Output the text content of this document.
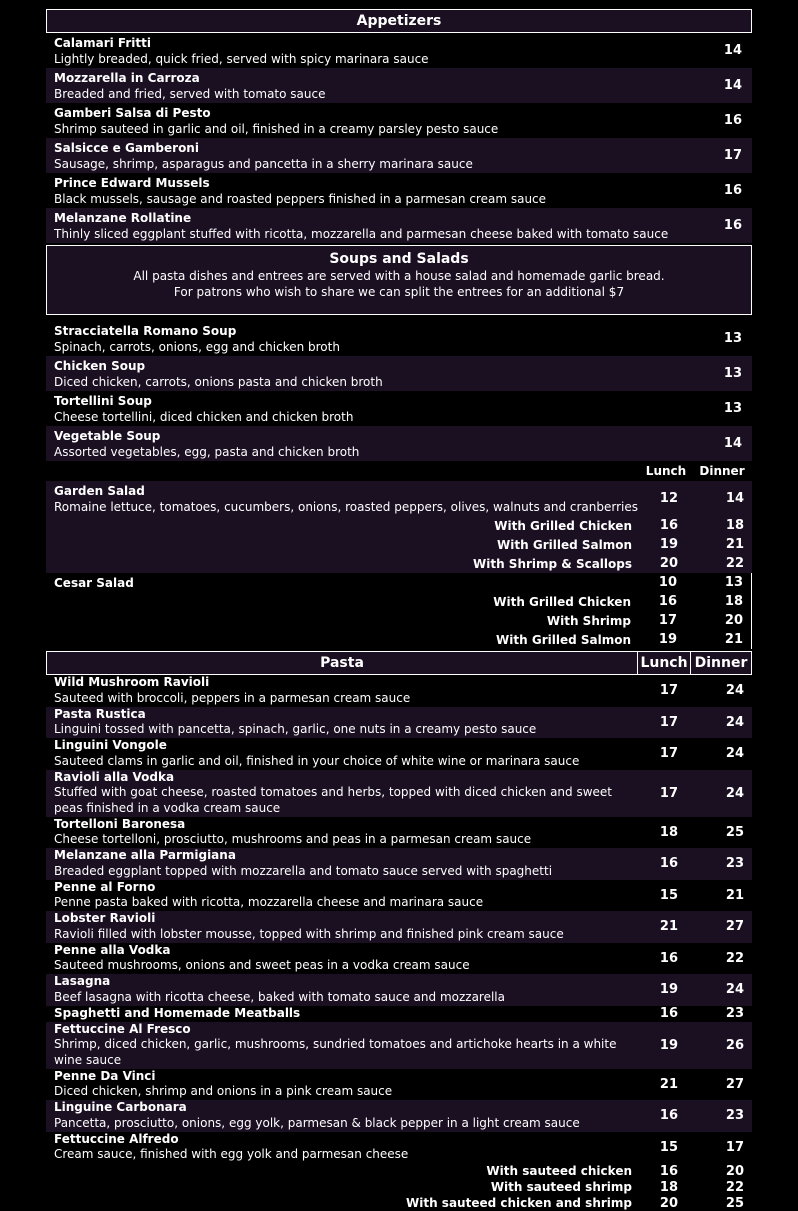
Appetizers
Calamari Fritti
Lightly breaded, quick fried, served with spicy marinara sauce
14
Mozzarella in Carroza
Breaded and fried, served with tomato sauce
14
Gamberi Salsa di Pesto
Shrimp sauteed in garlic and oil, finished in a creamy parsley pesto sauce
16
Salsicce e Gamberoni
Sausage, shrimp, asparagus and pancetta in a sherry marinara sauce
17
Prince Edward Mussels
Black mussels, sausage and roasted peppers finished in a parmesan cream sauce
16
Melanzane Rollatine
Thinly sliced eggplant stuffed with ricotta, mozzarella and parmesan cheese baked with tomato sauce
16
Soups and Salads
All pasta dishes and entrees are served with a house salad and homemade garlic bread.
For patrons who wish to share we can split the entrees for an additional $7
Stracciatella Romano Soup
Spinach, carrots, onions, egg and chicken broth
13
Chicken Soup
Diced chicken, carrots, onions pasta and chicken broth
13
Tortellini Soup
Cheese tortellini, diced chicken and chicken broth
13
Vegetable Soup
Assorted vegetables, egg, pasta and chicken broth
14
Lunch	Dinner
Garden Salad
Romaine lettuce, tomatoes, cucumbers, onions, roasted peppers, olives, walnuts and cranberries
12	14
With Grilled Chicken	16	18
With Grilled Salmon	19	21
With Shrimp & Scallops	20	22
Cesar Salad	10	13
With Grilled Chicken	16	18
With Shrimp	17	20
With Grilled Salmon	19	21
Pasta	Lunch Dinner
Wild Mushroom Ravioli
Sauteed with broccoli, peppers in a parmesan cream sauce	17	24
Pasta Rustica
Linguini tossed with pancetta, spinach, garlic, one nuts in a creamy pesto sauce	17	24
Linguini Vongole
Sauteed clams in garlic and oil, finished in your choice of white wine or marinara sauce	17	24
Ravioli alla Vodka
Stuffed with goat cheese, roasted tomatoes and herbs, topped with diced chicken and sweet peas finished in a vodka cream sauce
17	24
Tortelloni Baronesa
Cheese tortelloni, prosciutto, mushrooms and peas in a parmesan cream sauce	18	25
Melanzane alla Parmigiana
Breaded eggplant topped with mozzarella and tomato sauce served with spaghetti	16	23
Penne al Forno
Penne pasta baked with ricotta, mozzarella cheese and marinara sauce	15	21
Lobster Ravioli
Ravioli filled with lobster mousse, topped with shrimp and finished pink cream sauce	21	27
Penne alla Vodka
Sauteed mushrooms, onions and sweet peas in a vodka cream sauce	16	22
Lasagna
Beef lasagna with ricotta cheese, baked with tomato sauce and mozzarella	19	24
Spaghetti and Homemade Meatballs	16	23
Fettuccine Al Fresco
Shrimp, diced chicken, garlic, mushrooms, sundried tomatoes and artichoke hearts in a white wine sauce
19	26
Penne Da Vinci
Diced chicken, shrimp and onions in a pink cream sauce	21	27
Linguine Carbonara
Pancetta, prosciutto, onions, egg yolk, parmesan & black pepper in a light cream sauce	16	23
Fettuccine Alfredo
Cream sauce, finished with egg yolk and parmesan cheese	15	17
With sauteed chicken	16	20
With sauteed shrimp	18	22
With sauteed chicken and shrimp	20	25
